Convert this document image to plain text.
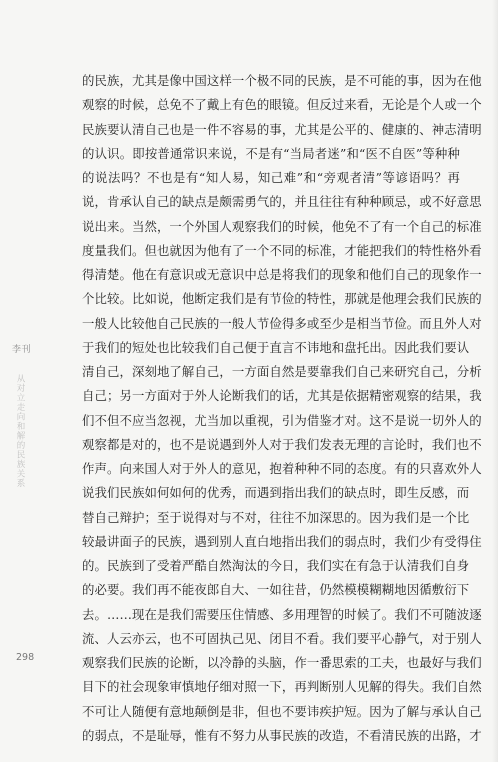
李刊
从对立走向和解的民族关系
的民族，尤其是像中国这样一个极不同的民族，是不可能的事，因为在他
观察的时候，总免不了戴上有色的眼镜。但反过来看，无论是个人或一个
民族要认清自己也是一件不容易的事，尤其是公平的、健康的、神志清明
的认识。即按普通常识来说，不是有“当局者迷”和“医不自医”等种种
的说法吗？不也是有“知人易，知己难”和“旁观者清”等谚语吗？再
说，肯承认自己的缺点是颇需勇气的，并且往往有种种顾忌，或不好意思
说出来。当然，一个外国人观察我们的时候，他免不了有一个自己的标准
度量我们。但也就因为他有了一个不同的标准，才能把我们的特性格外看
得清楚。他在有意识或无意识中总是将我们的现象和他们自己的现象作一
个比较。比如说，他断定我们是有节俭的特性，那就是他理会我们民族的
一般人比较他自己民族的一般人节俭得多或至少是相当节俭。而且外人对
于我们的短处也比较我们自己便于直言不讳地和盘托出。因此我们要认
清自己，深刻地了解自己，一方面自然是要靠我们自己来研究自己，分析
自己；另一方面对于外人论断我们的话，尤其是依据精密观察的结果，我
们不但不应当忽视，尤当加以重视，引为借鉴才对。这不是说一切外人的
观察都是对的，也不是说遇到外人对于我们发表无理的言论时，我们也不
作声。向来国人对于外人的意见，抱着种种不同的态度。有的只喜欢外人
说我们民族如何如何的优秀，而遇到指出我们的缺点时，即生反感，而
替自己辩护；至于说得对与不对，往往不加深思的。因为我们是一个比
较最讲面子的民族，遇到别人直白地指出我们的弱点时，我们少有受得住
的。民族到了受着严酷自然淘汰的今日，我们实在有急于认清我们自身
的必要。我们再不能夜郎自大、一如往昔，仍然模模糊糊地因循敷衍下
去。……现在是我们需要压住情感、多用理智的时候了。我们不可随波逐
流、人云亦云，也不可固执己见、闭目不看。我们要平心静气，对于别人
观察我们民族的论断，以冷静的头脑，作一番思索的工夫，也最好与我们
目下的社会现象审慎地仔细对照一下，再判断别人见解的得失。我们自然
不可让人随便有意地颠倒是非，但也不要讳疾护短。因为了解与承认自己
的弱点，不是耻辱，惟有不努力从事民族的改造，不看清民族的出路，才
298
